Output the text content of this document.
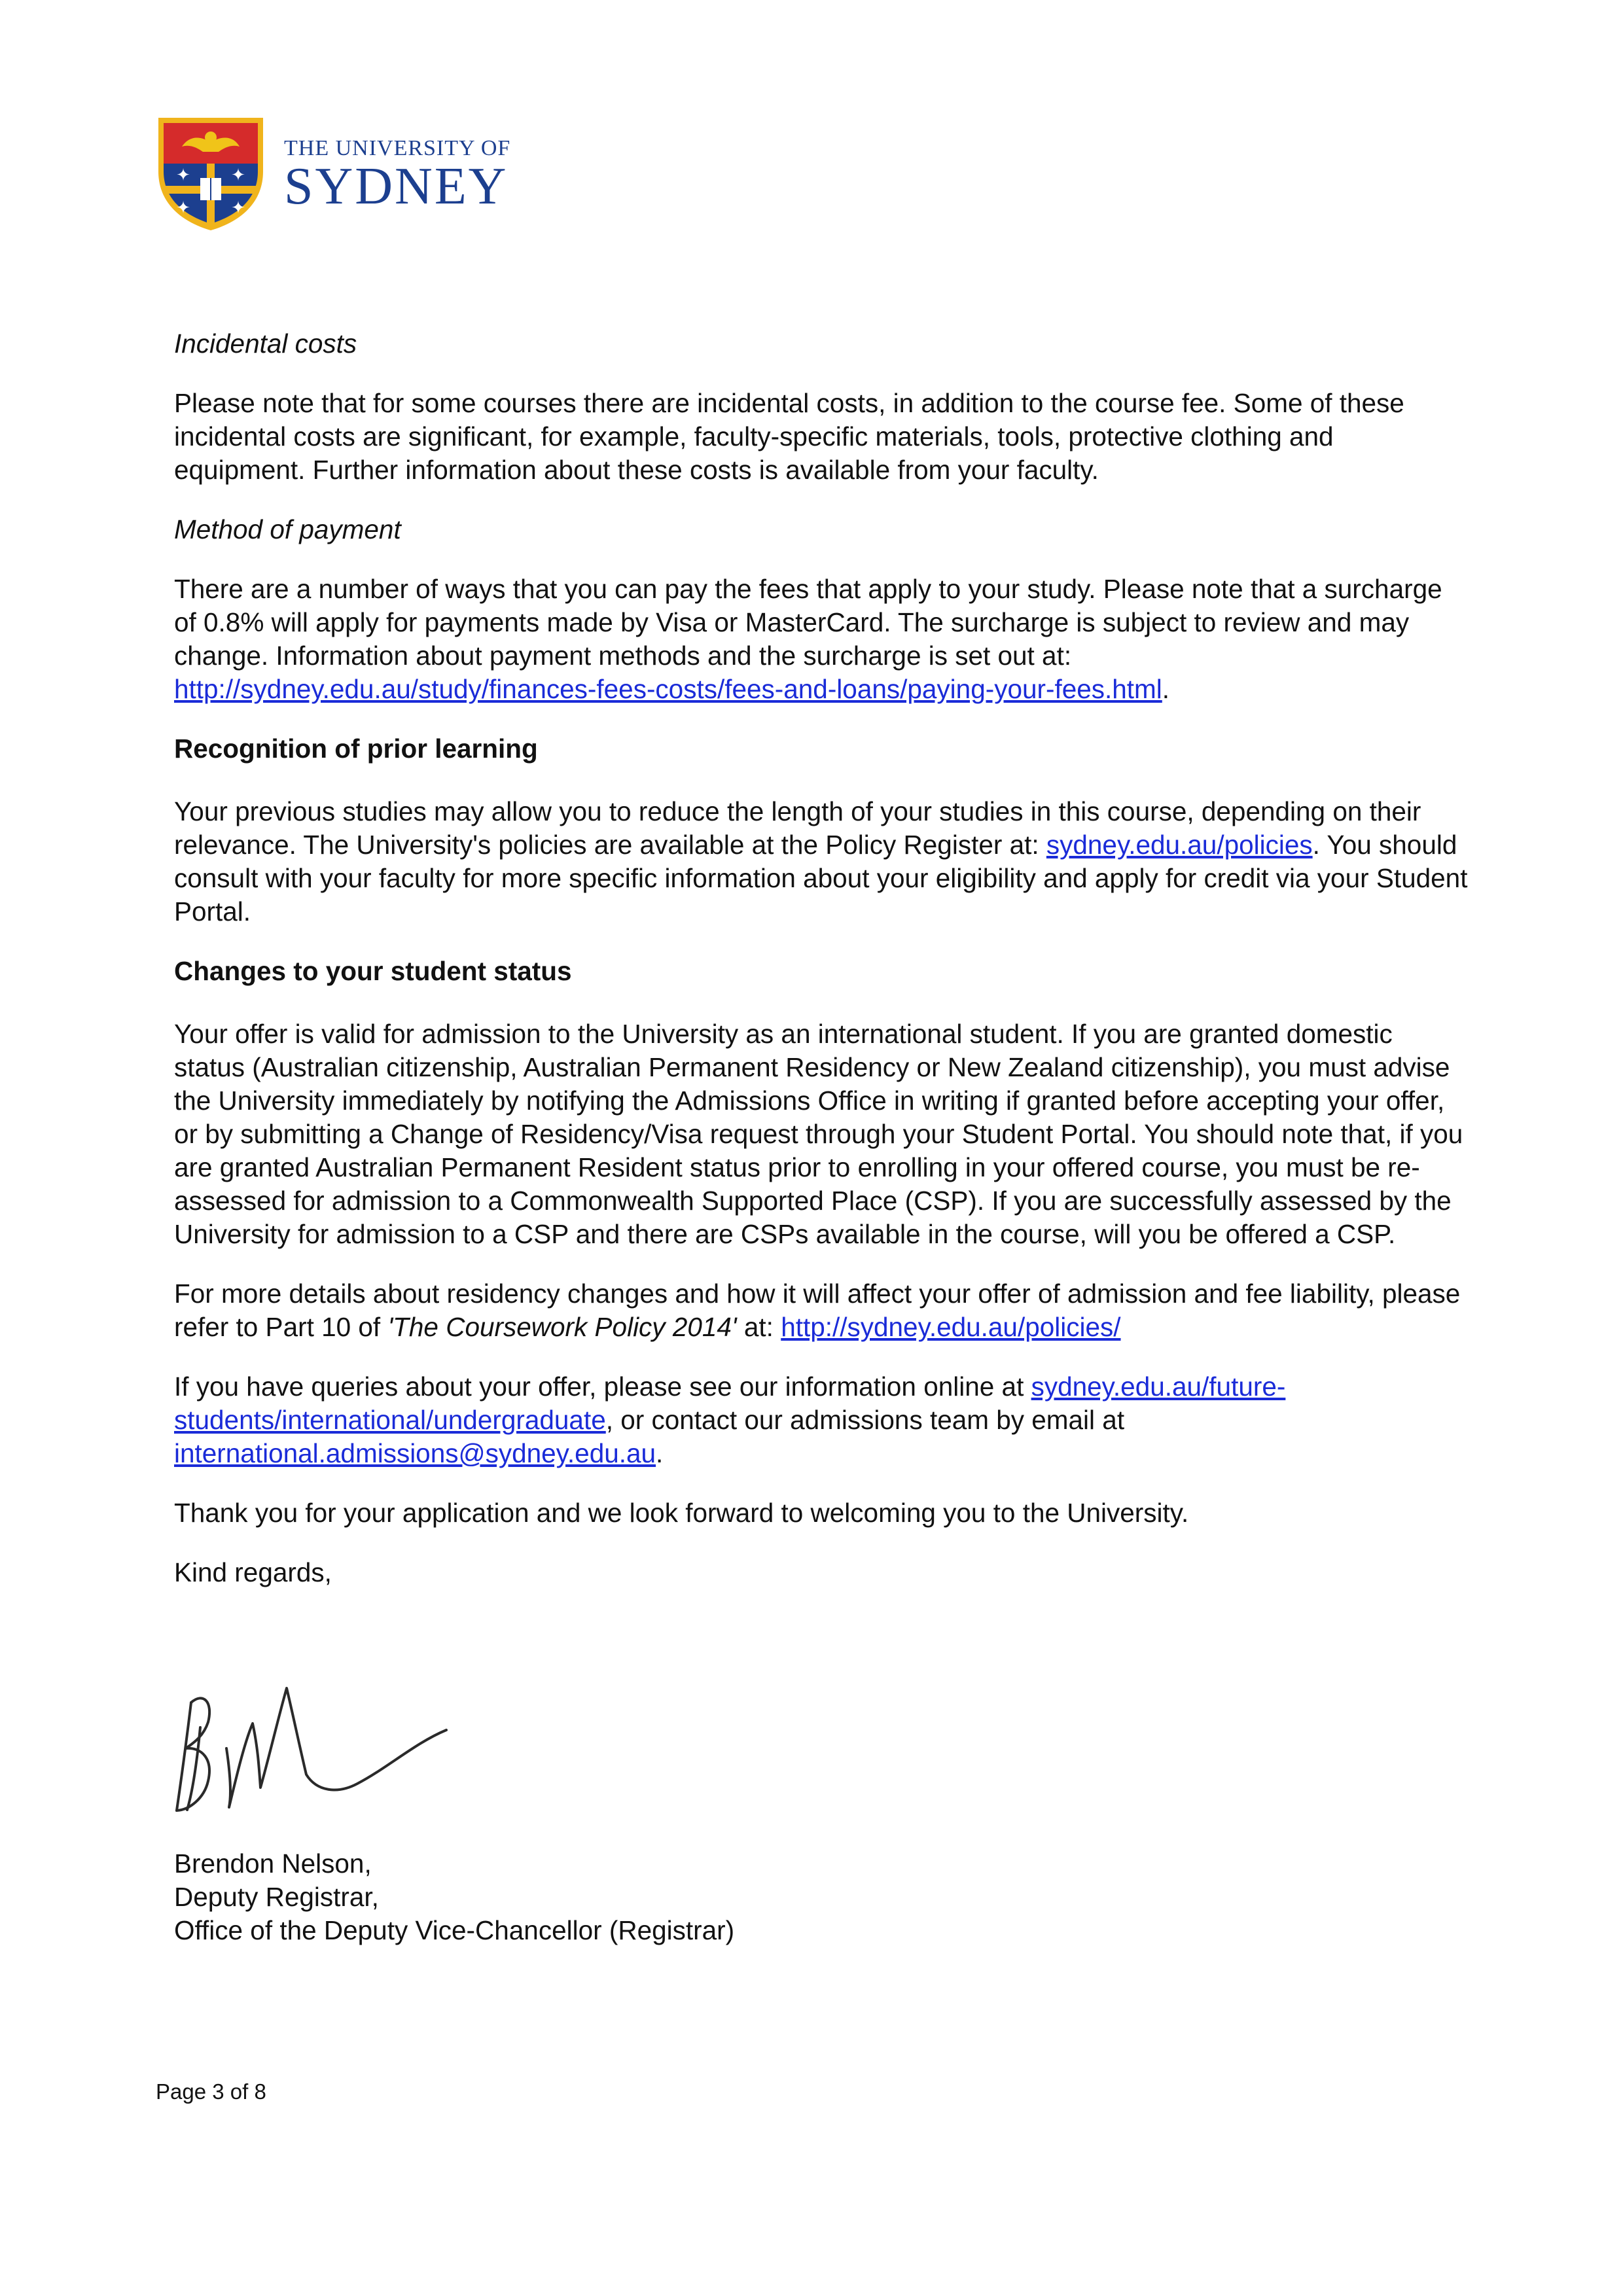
✦ ✦
✦ ✦
THE UNIVERSITY OF
SYDNEY

Incidental costs

Please note that for some courses there are incidental costs, in addition to the course fee. Some of these incidental costs are significant, for example, faculty-specific materials, tools, protective clothing and equipment. Further information about these costs is available from your faculty.

Method of payment

There are a number of ways that you can pay the fees that apply to your study. Please note that a surcharge of 0.8% will apply for payments made by Visa or MasterCard. The surcharge is subject to review and may change. Information about payment methods and the surcharge is set out at: http://sydney.edu.au/study/finances-fees-costs/fees-and-loans/paying-your-fees.html.

Recognition of prior learning

Your previous studies may allow you to reduce the length of your studies in this course, depending on their relevance. The University's policies are available at the Policy Register at: sydney.edu.au/policies. You should consult with your faculty for more specific information about your eligibility and apply for credit via your Student Portal.

Changes to your student status

Your offer is valid for admission to the University as an international student. If you are granted domestic status (Australian citizenship, Australian Permanent Residency or New Zealand citizenship), you must advise the University immediately by notifying the Admissions Office in writing if granted before accepting your offer, or by submitting a Change of Residency/Visa request through your Student Portal. You should note that, if you are granted Australian Permanent Resident status prior to enrolling in your offered course, you must be re-assessed for admission to a Commonwealth Supported Place (CSP). If you are successfully assessed by the University for admission to a CSP and there are CSPs available in the course, will you be offered a CSP.

For more details about residency changes and how it will affect your offer of admission and fee liability, please refer to Part 10 of 'The Coursework Policy 2014' at: http://sydney.edu.au/policies/

If you have queries about your offer, please see our information online at sydney.edu.au/future-students/international/undergraduate, or contact our admissions team by email at international.admissions@sydney.edu.au.

Thank you for your application and we look forward to welcoming you to the University.

Kind regards,

Brendon Nelson,
Deputy Registrar,
Office of the Deputy Vice-Chancellor (Registrar)
Page 3 of 8
